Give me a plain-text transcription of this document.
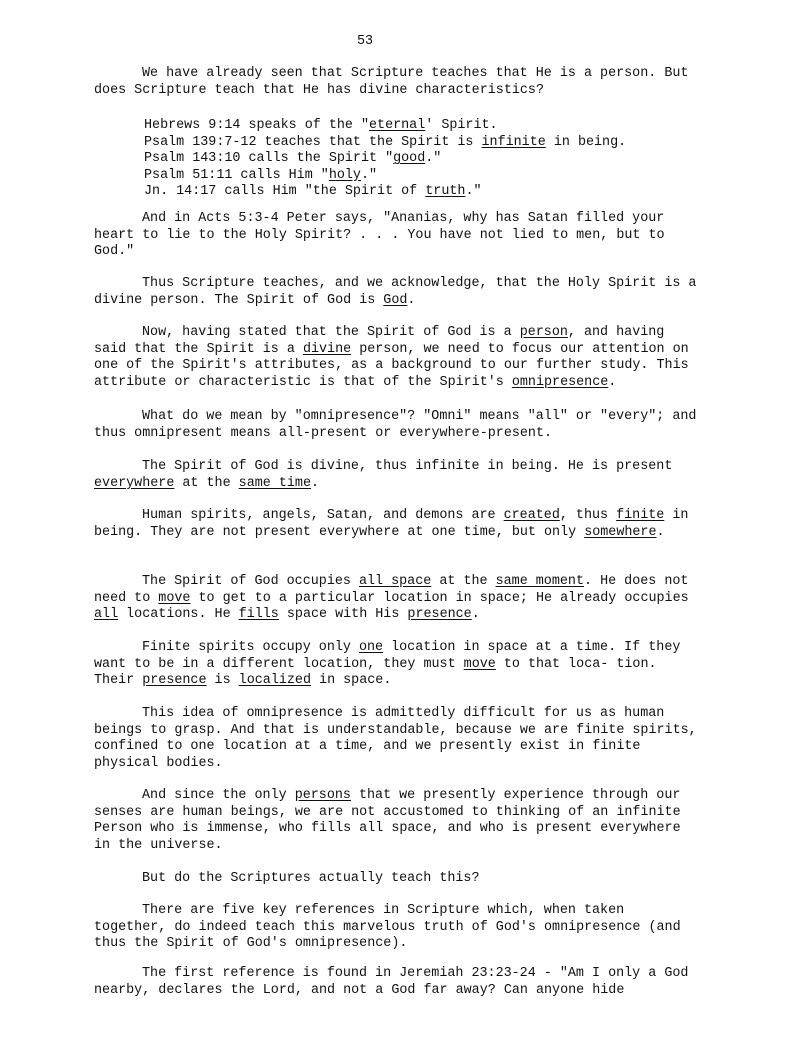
53

We have already seen that Scripture teaches that He is a person. But does Scripture teach that He has divine characteristics?

Hebrews 9:14 speaks of the "eternal' Spirit.
Psalm 139:7-12 teaches that the Spirit is infinite in being.
Psalm 143:10 calls the Spirit "good."
Psalm 51:11 calls Him "holy."
Jn. 14:17 calls Him "the Spirit of truth."

And in Acts 5:3-4 Peter says, "Ananias, why has Satan filled your heart to lie to the Holy Spirit? . . . You have not lied to men, but to God."

Thus Scripture teaches, and we acknowledge, that the Holy Spirit is a divine person. The Spirit of God is God.

Now, having stated that the Spirit of God is a person, and having said that the Spirit is a divine person, we need to focus our attention on one of the Spirit's attributes, as a background to our further study. This attribute or characteristic is that of the Spirit's omnipresence.

What do we mean by "omnipresence"? "Omni" means "all" or "every"; and thus omnipresent means all-present or everywhere-present.

The Spirit of God is divine, thus infinite in being. He is present everywhere at the same time.

Human spirits, angels, Satan, and demons are created, thus finite in being. They are not present everywhere at one time, but only somewhere.

The Spirit of God occupies all space at the same moment. He does not need to move to get to a particular location in space; He already occupies all locations. He fills space with His presence.

Finite spirits occupy only one location in space at a time. If they want to be in a different location, they must move to that loca- tion. Their presence is localized in space.

This idea of omnipresence is admittedly difficult for us as human beings to grasp. And that is understandable, because we are finite spirits, confined to one location at a time, and we presently exist in finite physical bodies.

And since the only persons that we presently experience through our senses are human beings, we are not accustomed to thinking of an infinite Person who is immense, who fills all space, and who is present everywhere in the universe.

But do the Scriptures actually teach this?

There are five key references in Scripture which, when taken together, do indeed teach this marvelous truth of God's omnipresence (and thus the Spirit of God's omnipresence).

The first reference is found in Jeremiah 23:23-24 - "Am I only a God nearby, declares the Lord, and not a God far away? Can anyone hide
